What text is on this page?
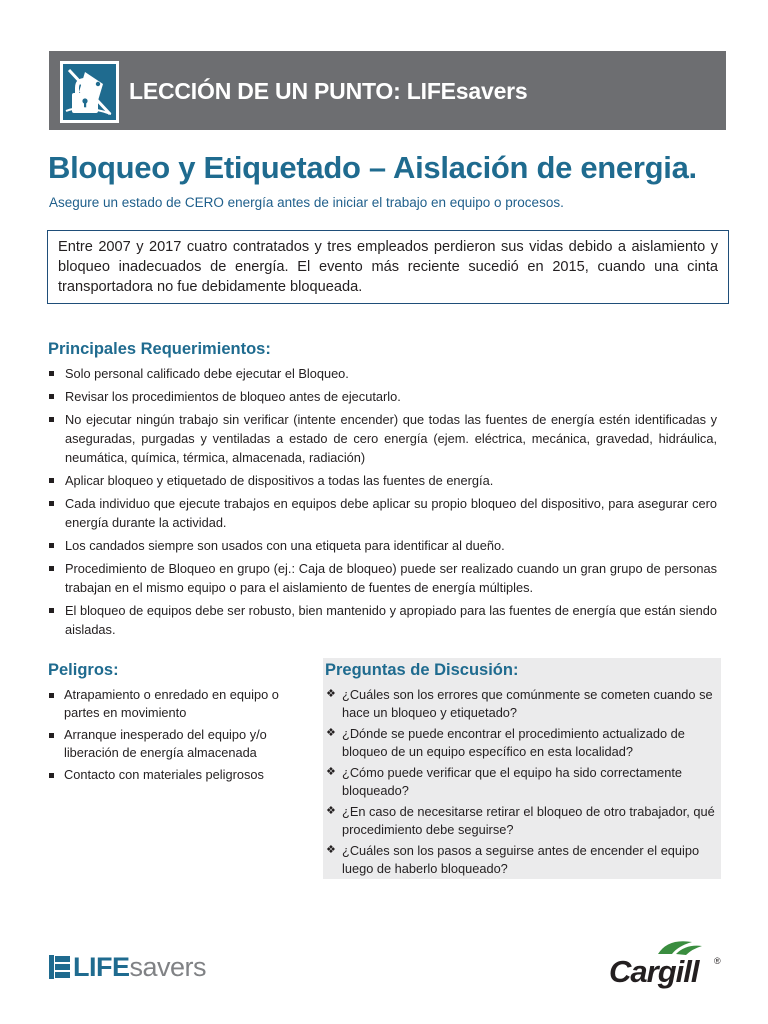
LECCIÓN DE UN PUNTO: LIFEsavers
Bloqueo y Etiquetado – Aislación de energia.
Asegure un estado de CERO energía antes de iniciar el trabajo en equipo o procesos.

Entre 2007 y 2017 cuatro contratados y tres empleados perdieron sus vidas debido a aislamiento y bloqueo inadecuados de energía. El evento más reciente sucedió en 2015, cuando una cinta transportadora no fue debidamente bloqueada.

Principales Requerimientos:
Solo personal calificado debe ejecutar el Bloqueo.
Revisar los procedimientos de bloqueo antes de ejecutarlo.
No ejecutar ningún trabajo sin verificar (intente encender) que todas las fuentes de energía estén identificadas y aseguradas, purgadas y ventiladas a estado de cero energía (ejem. eléctrica, mecánica, gravedad, hidráulica, neumática, química, térmica, almacenada, radiación)
Aplicar bloqueo y etiquetado de dispositivos a todas las fuentes de energía.
Cada individuo que ejecute trabajos en equipos debe aplicar su propio bloqueo del dispositivo, para asegurar cero energía durante la actividad.
Los candados siempre son usados con una etiqueta para identificar al dueño.
Procedimiento de Bloqueo en grupo (ej.: Caja de bloqueo) puede ser realizado cuando un gran grupo de personas trabajan en el mismo equipo o para el aislamiento de fuentes de energía múltiples.
El bloqueo de equipos debe ser robusto, bien mantenido y apropiado para las fuentes de energía que están siendo aisladas.
Peligros:
Atrapamiento o enredado en equipo o partes en movimiento
Arranque inesperado del equipo y/o liberación de energía almacenada
Contacto con materiales peligrosos
Preguntas de Discusión:
❖ ¿Cuáles son los errores que comúnmente se cometen cuando se hace un bloqueo y etiquetado?
❖ ¿Dónde se puede encontrar el procedimiento actualizado de bloqueo de un equipo específico en esta localidad?
❖ ¿Cómo puede verificar que el equipo ha sido correctamente bloqueado?
❖ ¿En caso de necesitarse retirar el bloqueo de otro trabajador, qué procedimiento debe seguirse?
❖ ¿Cuáles son los pasos a seguirse antes de encender el equipo luego de haberlo bloqueado?
LIFE savers	Cargill ®
